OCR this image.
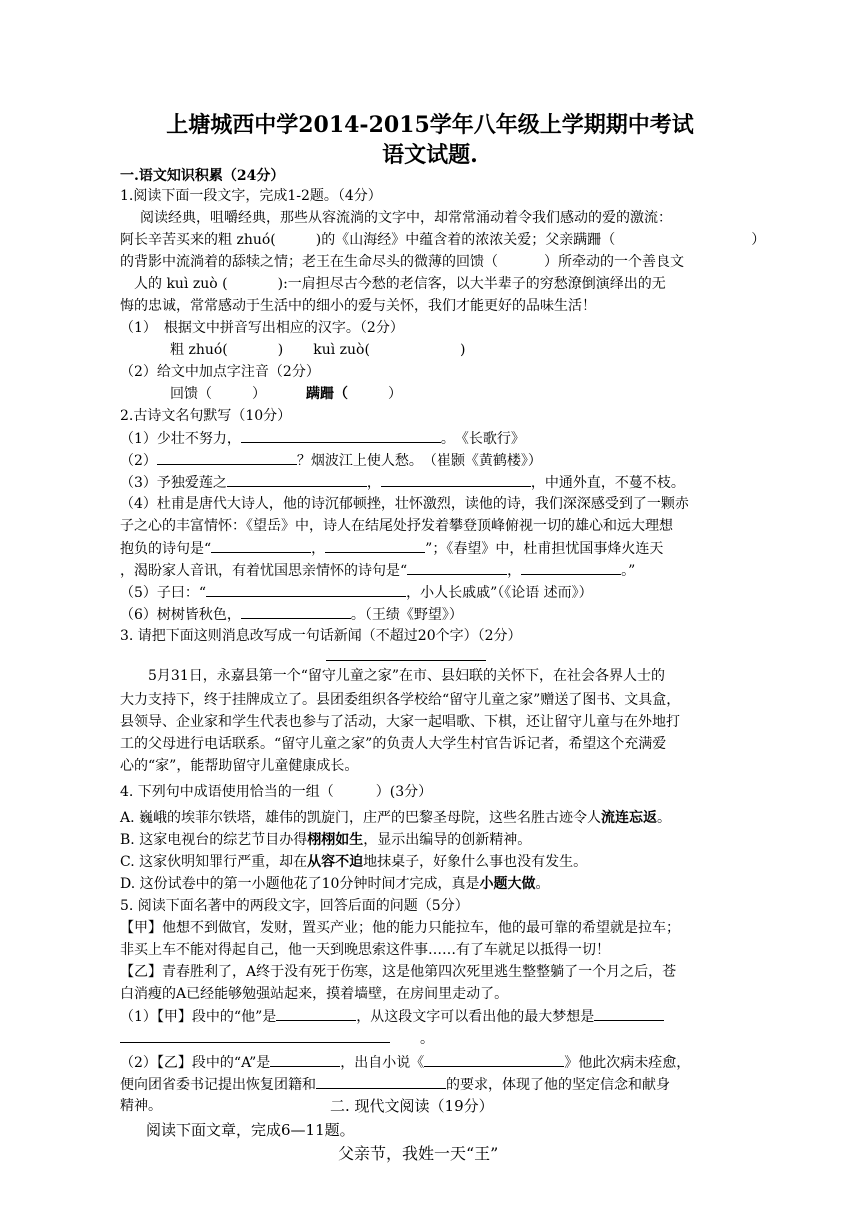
上塘城西中学2014-2015学年八年级上学期期中考试
语文试题.
一.语文知识积累（24分）
1.阅读下面一段文字，完成1-2题。（4分）
阅读经典，咀嚼经典，那些从容流淌的文字中，却常常涌动着令我们感动的爱的激流：
阿长辛苦买来的粗 zhuó(	)的《山海经》中蕴含着的浓浓关爱；父亲蹒跚（	）
的背影中流淌着的舔犊之情；老王在生命尽头的微薄的回馈（	）所牵动的一个善良文
人的 kuì zuò (	):一肩担尽古今愁的老信客，以大半辈子的穷愁潦倒演绎出的无
悔的忠诚，常常感动于生活中的细小的爱与关怀，我们才能更好的品味生活！
（1）　根据文中拼音写出相应的汉字。（2分）
粗 zhuó(	) kuì zuò(	)
（2）给文中加点字注音（2分）
回馈（	）	蹒跚（	）
2.古诗文名句默写（10分）
（1）少壮不努力，	。　《长歌行》
（2）	？烟波江上使人愁。　（崔颢《黄鹤楼》）
（3）予独爱莲之	，	，中通外直，不蔓不枝。
（4）杜甫是唐代大诗人，他的诗沉郁顿挫，壮怀激烈，读他的诗，我们深深感受到了一颗赤
子之心的丰富情怀：《望岳》中，诗人在结尾处抒发着攀登顶峰俯视一切的雄心和远大理想
抱负的诗句是“	，	”；《春望》中，杜甫担忧国事烽火连天
，渴盼家人音讯，有着忧国思亲情怀的诗句是“	，	。”
（5）子曰：“	，小人长戚戚”（《论语 述而》）
（6）树树皆秋色，	。（王绩《野望》）
3. 请把下面这则消息改写成一句话新闻（不超过20个字）（2分）
5月31日，永嘉县第一个“留守儿童之家”在市、县妇联的关怀下，在社会各界人士的
大力支持下，终于挂牌成立了。县团委组织各学校给“留守儿童之家”赠送了图书、文具盒，
县领导、企业家和学生代表也参与了活动，大家一起唱歌、下棋，还让留守儿童与在外地打
工的父母进行电话联系。“留守儿童之家”的负责人大学生村官告诉记者，希望这个充满爱
心的“家”，能帮助留守儿童健康成长。
4. 下列句中成语使用恰当的一组（　　　）(3分）
A. 巍峨的埃菲尔铁塔，雄伟的凯旋门，庄严的巴黎圣母院，这些名胜古迹令人流连忘返。
B. 这家电视台的综艺节目办得栩栩如生，显示出编导的创新精神。
C. 这家伙明知罪行严重，却在从容不迫地抹桌子，好象什么事也没有发生。
D. 这份试卷中的第一小题他花了10分钟时间才完成，真是小题大做。
5. 阅读下面名著中的两段文字，回答后面的问题（5分）
【甲】他想不到做官，发财，置买产业；他的能力只能拉车，他的最可靠的希望就是拉车；
非买上车不能对得起自己，他一天到晚思索这件事……有了车就足以抵得一切！
【乙】青春胜利了，A终于没有死于伤寒，这是他第四次死里逃生整整躺了一个月之后，苍
白消瘦的A已经能够勉强站起来，摸着墙壁，在房间里走动了。
（1）【甲】段中的“他”是	，从这段文字可以看出他的最大梦想是
。
（2）【乙】段中的“A”是	，出自小说《	》他此次病未痊愈，
便向团省委书记提出恢复团籍和	的要求，体现了他的坚定信念和献身
精神。	二. 现代文阅读（19分）
阅读下面文章，完成6—11题。
父亲节，我姓一天“王”
